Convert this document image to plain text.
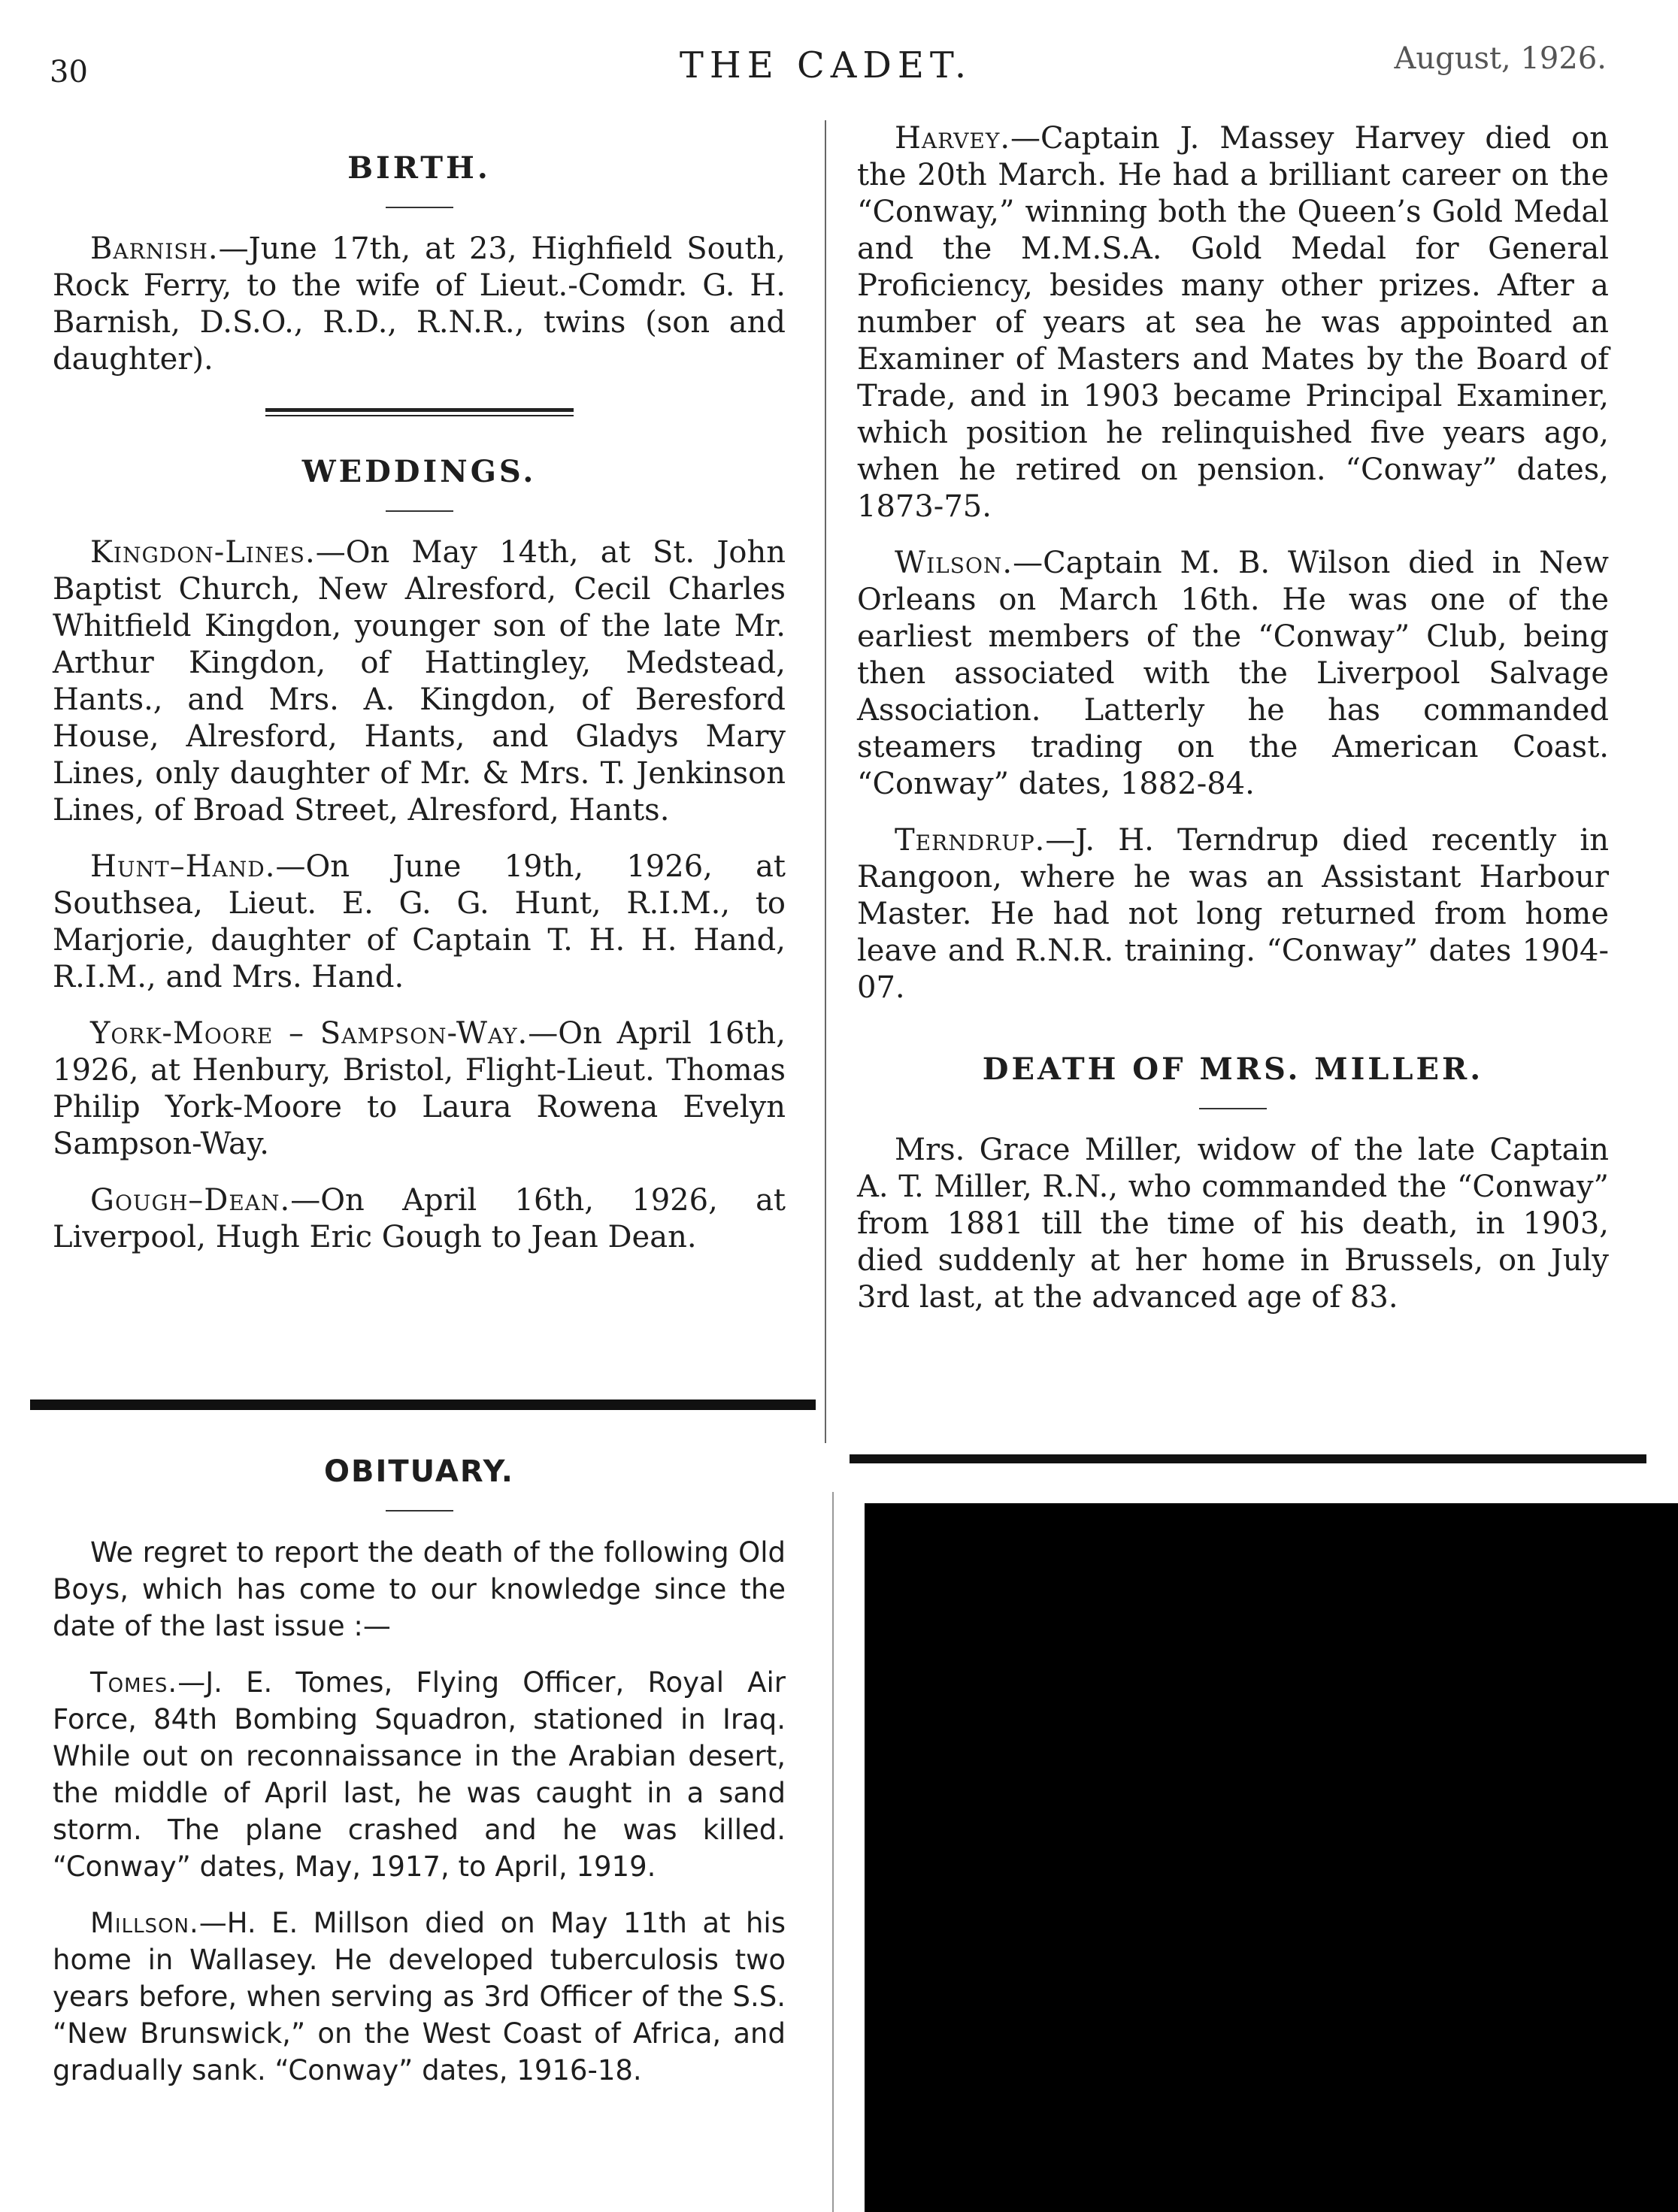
30	THE CADET.	August, 1926.
BIRTH.

Barnish.—June 17th, at 23, Highfield South, Rock Ferry, to the wife of Lieut.-Comdr. G. H. Barnish, D.S.O., R.D., R.N.R., twins (son and daughter).

WEDDINGS.

Kingdon-Lines.—On May 14th, at St. John Baptist Church, New Alresford, Cecil Charles Whitfield Kingdon, younger son of the late Mr. Arthur Kingdon, of Hattingley, Medstead, Hants., and Mrs. A. Kingdon, of Beresford House, Alresford, Hants, and Gladys Mary Lines, only daughter of Mr. & Mrs. T. Jenkinson Lines, of Broad Street, Alresford, Hants.

Hunt–Hand.—On June 19th, 1926, at Southsea, Lieut. E. G. G. Hunt, R.I.M., to Marjorie, daughter of Captain T. H. H. Hand, R.I.M., and Mrs. Hand.

York-Moore – Sampson-Way.—On April 16th, 1926, at Henbury, Bristol, Flight-Lieut. Thomas Philip York-Moore to Laura Rowena Evelyn Sampson-Way.

Gough–Dean.—On April 16th, 1926, at Liverpool, Hugh Eric Gough to Jean Dean.

OBITUARY.

We regret to report the death of the following Old Boys, which has come to our knowledge since the date of the last issue :—

Tomes.—J. E. Tomes, Flying Officer, Royal Air Force, 84th Bombing Squadron, stationed in Iraq. While out on reconnaissance in the Arabian desert, the middle of April last, he was caught in a sand storm. The plane crashed and he was killed. “Conway” dates, May, 1917, to April, 1919.

Millson.—H. E. Millson died on May 11th at his home in Wallasey. He developed tuberculosis two years before, when serving as 3rd Officer of the S.S. “New Brunswick,” on the West Coast of Africa, and gradually sank. “Conway” dates, 1916-18.

Harvey.—Captain J. Massey Harvey died on the 20th March. He had a brilliant career on the “Conway,” winning both the Queen’s Gold Medal and the M.M.S.A. Gold Medal for General Proficiency, besides many other prizes. After a number of years at sea he was appointed an Examiner of Masters and Mates by the Board of Trade, and in 1903 became Principal Examiner, which position he relinquished five years ago, when he retired on pension. “Conway” dates, 1873-75.

Wilson.—Captain M. B. Wilson died in New Orleans on March 16th. He was one of the earliest members of the “Conway” Club, being then associated with the Liverpool Salvage Association. Latterly he has commanded steamers trading on the American Coast. “Conway” dates, 1882-84.

Terndrup.—J. H. Terndrup died recently in Rangoon, where he was an Assistant Harbour Master. He had not long returned from home leave and R.N.R. training. “Conway” dates 1904-07.

DEATH OF MRS. MILLER.

Mrs. Grace Miller, widow of the late Captain A. T. Miller, R.N., who commanded the “Conway” from 1881 till the time of his death, in 1903, died suddenly at her home in Brussels, on July 3rd last, at the advanced age of 83.
